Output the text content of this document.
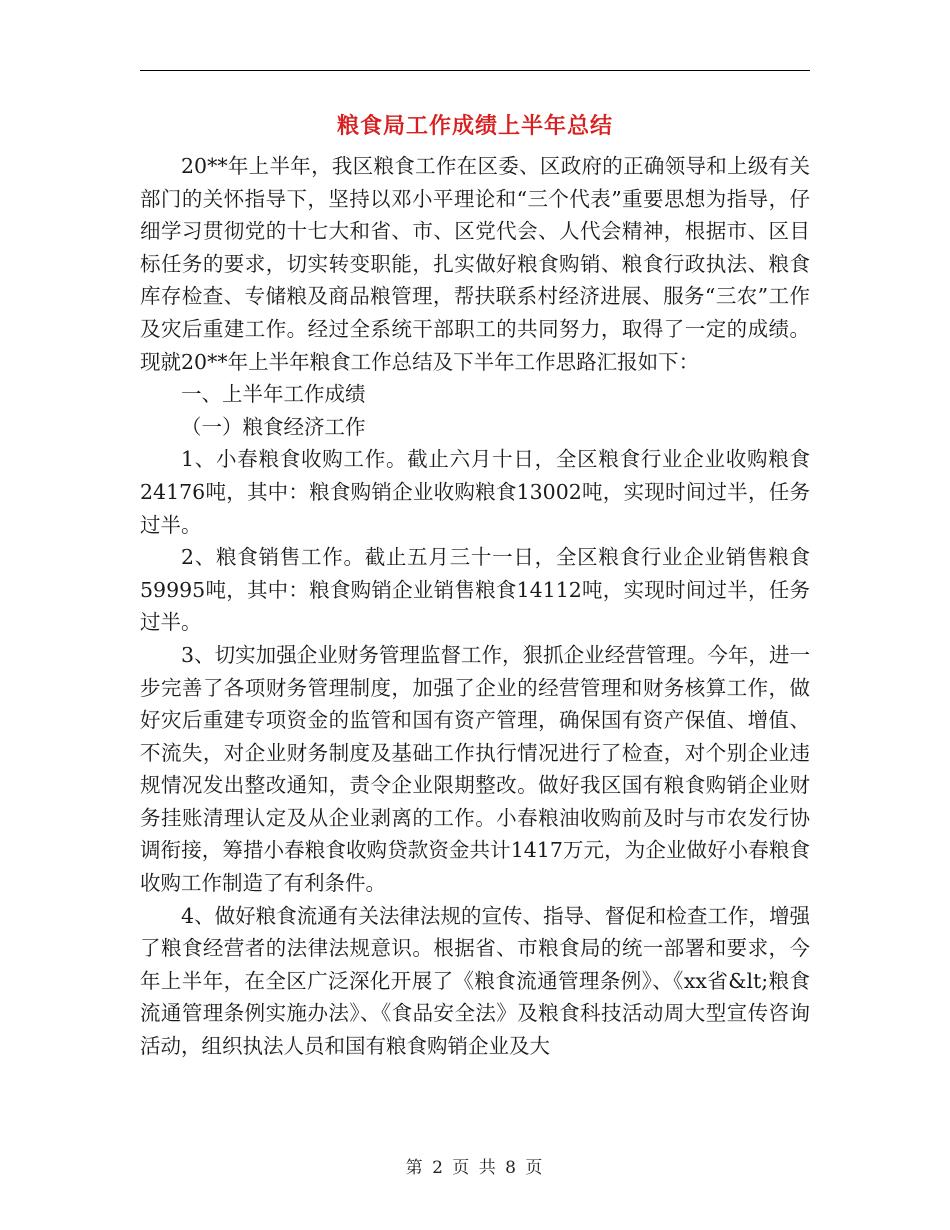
粮食局工作成绩上半年总结

20**年上半年，我区粮食工作在区委、区政府的正确领导和上级有关部门的关怀指导下，坚持以邓小平理论和“三个代表”重要思想为指导，仔细学习贯彻党的十七大和省、市、区党代会、人代会精神，根据市、区目标任务的要求，切实转变职能，扎实做好粮食购销、粮食行政执法、粮食库存检查、专储粮及商品粮管理，帮扶联系村经济进展、服务“三农”工作及灾后重建工作。经过全系统干部职工的共同努力，取得了一定的成绩。现就20**年上半年粮食工作总结及下半年工作思路汇报如下：

一、上半年工作成绩

（一）粮食经济工作

1、小春粮食收购工作。截止六月十日，全区粮食行业企业收购粮食24176吨，其中：粮食购销企业收购粮食13002吨，实现时间过半，任务过半。

2、粮食销售工作。截止五月三十一日，全区粮食行业企业销售粮食59995吨，其中：粮食购销企业销售粮食14112吨，实现时间过半，任务过半。

3、切实加强企业财务管理监督工作，狠抓企业经营管理。今年，进一步完善了各项财务管理制度，加强了企业的经营管理和财务核算工作，做好灾后重建专项资金的监管和国有资产管理，确保国有资产保值、增值、不流失，对企业财务制度及基础工作执行情况进行了检查，对个别企业违规情况发出整改通知，责令企业限期整改。做好我区国有粮食购销企业财务挂账清理认定及从企业剥离的工作。小春粮油收购前及时与市农发行协调衔接，筹措小春粮食收购贷款资金共计1417万元，为企业做好小春粮食收购工作制造了有利条件。

4、做好粮食流通有关法律法规的宣传、指导、督促和检查工作，增强了粮食经营者的法律法规意识。根据省、市粮食局的统一部署和要求，今年上半年，在全区广泛深化开展了《粮食流通管理条例》、《xx省&lt;粮食流通管理条例实施办法》、《食品安全法》及粮食科技活动周大型宣传咨询活动，组织执法人员和国有粮食购销企业及大

第 2 页 共 8 页
